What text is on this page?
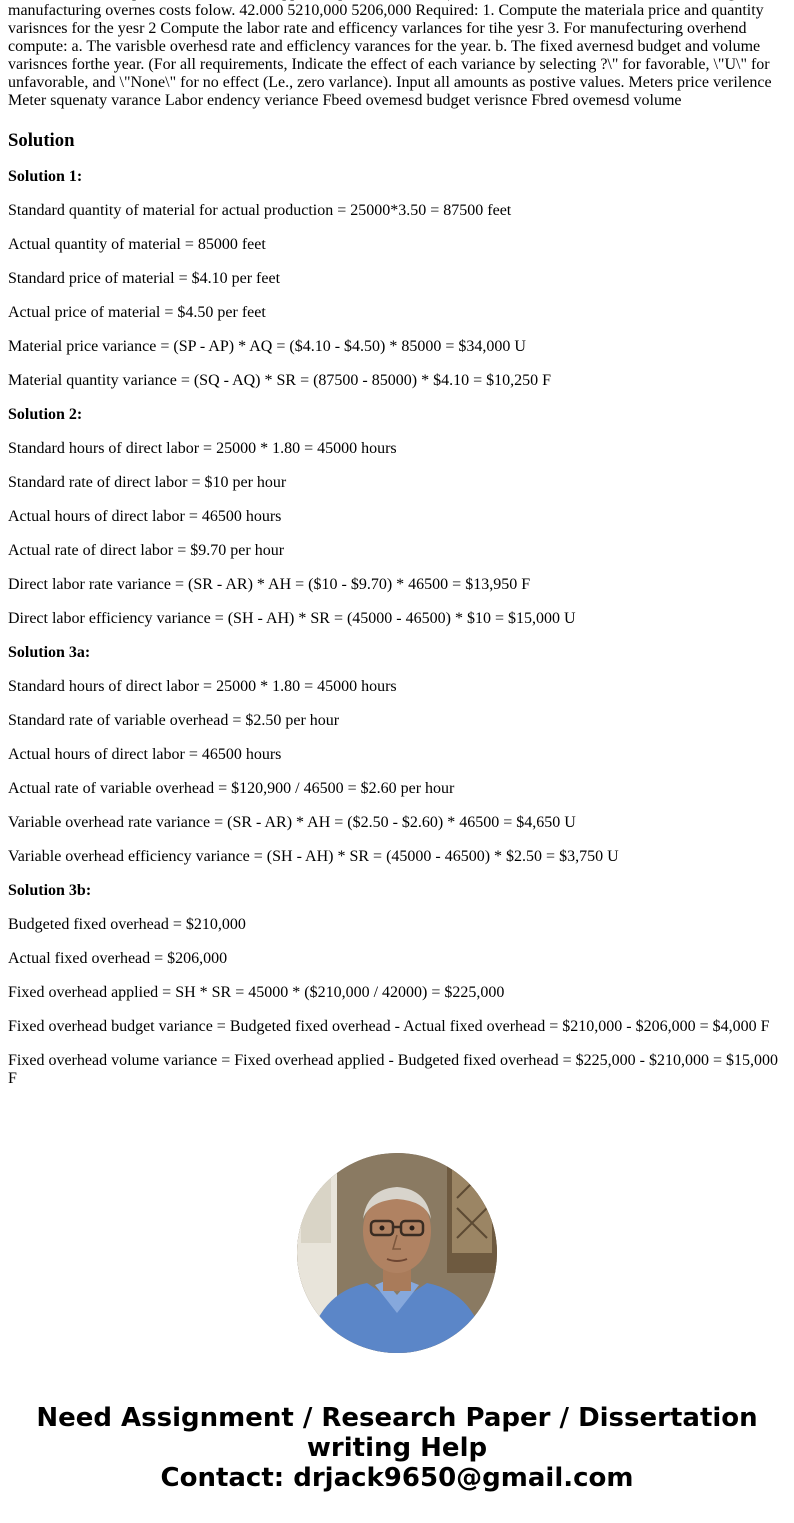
manufacturing overnes costs folow. 42.000 5210,000 5206,000 Required: 1. Compute the materiala price and quantity varisnces for the yesr 2 Compute the labor rate and efficency varlances for tihe yesr 3. For manufecturing overhend compute: a. The varisble overhesd rate and efficlency varances for the year. b. The fixed avernesd budget and volume varisnces forthe year. (For all requirements, Indicate the effect of each variance by selecting ?\" for favorable, \"U\" for unfavorable, and \"None\" for no effect (Le., zero varlance). Input all amounts as postive values. Meters price verilence Meter squenaty varance Labor endency veriance Fbeed ovemesd budget verisnce Fbred ovemesd volume

Solution

Solution 1:

Standard quantity of material for actual production = 25000*3.50 = 87500 feet

Actual quantity of material = 85000 feet

Standard price of material = $4.10 per feet

Actual price of material = $4.50 per feet

Material price variance = (SP - AP) * AQ = ($4.10 - $4.50) * 85000 = $34,000 U

Material quantity variance = (SQ - AQ) * SR = (87500 - 85000) * $4.10 = $10,250 F

Solution 2:

Standard hours of direct labor = 25000 * 1.80 = 45000 hours

Standard rate of direct labor = $10 per hour

Actual hours of direct labor = 46500 hours

Actual rate of direct labor = $9.70 per hour

Direct labor rate variance = (SR - AR) * AH = ($10 - $9.70) * 46500 = $13,950 F

Direct labor efficiency variance = (SH - AH) * SR = (45000 - 46500) * $10 = $15,000 U

Solution 3a:

Standard hours of direct labor = 25000 * 1.80 = 45000 hours

Standard rate of variable overhead = $2.50 per hour

Actual hours of direct labor = 46500 hours

Actual rate of variable overhead = $120,900 / 46500 = $2.60 per hour

Variable overhead rate variance = (SR - AR) * AH = ($2.50 - $2.60) * 46500 = $4,650 U

Variable overhead efficiency variance = (SH - AH) * SR = (45000 - 46500) * $2.50 = $3,750 U

Solution 3b:

Budgeted fixed overhead = $210,000

Actual fixed overhead = $206,000

Fixed overhead applied = SH * SR = 45000 * ($210,000 / 42000) = $225,000

Fixed overhead budget variance = Budgeted fixed overhead - Actual fixed overhead = $210,000 - $206,000 = $4,000 F

Fixed overhead volume variance = Fixed overhead applied - Budgeted fixed overhead = $225,000 - $210,000 = $15,000 F

Need Assignment / Research Paper / Dissertation
writing Help
Contact: drjack9650@gmail.com
